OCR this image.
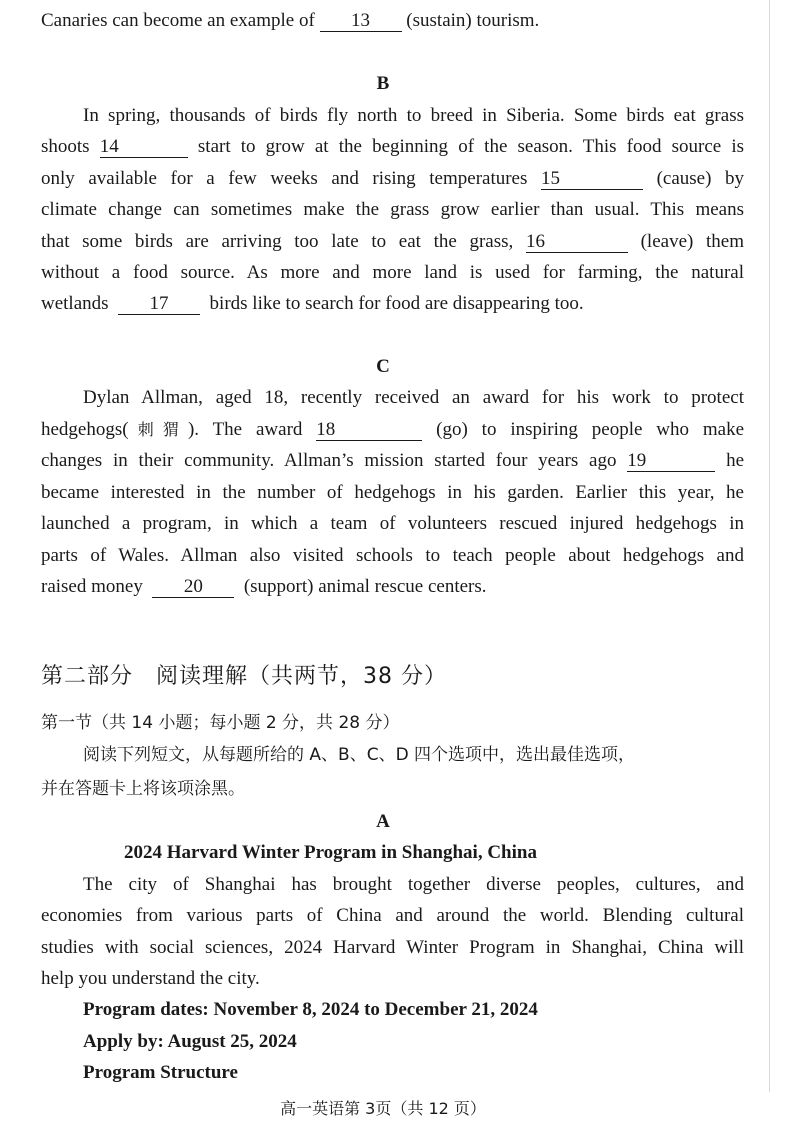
Canaries can become an example of 13 (sustain) tourism.
B
In spring, thousands of birds fly north to breed in Siberia. Some birds eat grass
shoots 14	start to grow at the beginning of the season. This food source is
only available for a few weeks and rising temperatures 15	(cause) by
climate change can sometimes make the grass grow earlier than usual. This means
that some birds are arriving too late to eat the grass, 16	(leave) them
without a food source. As more and more land is used for farming, the natural
wetlands 17 birds like to search for food are disappearing too.
C
Dylan Allman, aged 18, recently received an award for his work to protect
hedgehogs(刺猬). The award 18	(go) to inspiring people who make
changes in their community. Allman’s mission started four years ago 19	he
became interested in the number of hedgehogs in his garden. Earlier this year, he
launched a program, in which a team of volunteers rescued injured hedgehogs in
parts of Wales. Allman also visited schools to teach people about hedgehogs and
raised money 20 (support) animal rescue centers.
第二部分　阅读理解（共两节，38 分）
第一节（共 14 小题；每小题 2 分，共 28 分）
阅读下列短文，从每题所给的 A、B、C、D 四个选项中，选出最佳选项，
并在答题卡上将该项涂黑。
A
2024 Harvard Winter Program in Shanghai, China
The city of Shanghai has brought together diverse peoples, cultures, and
economies from various parts of China and around the world. Blending cultural
studies with social sciences, 2024 Harvard Winter Program in Shanghai, China will
help you understand the city.
Program dates: November 8, 2024 to December 21, 2024
Apply by: August 25, 2024
Program Structure
高一英语第 3页（共 12 页）
